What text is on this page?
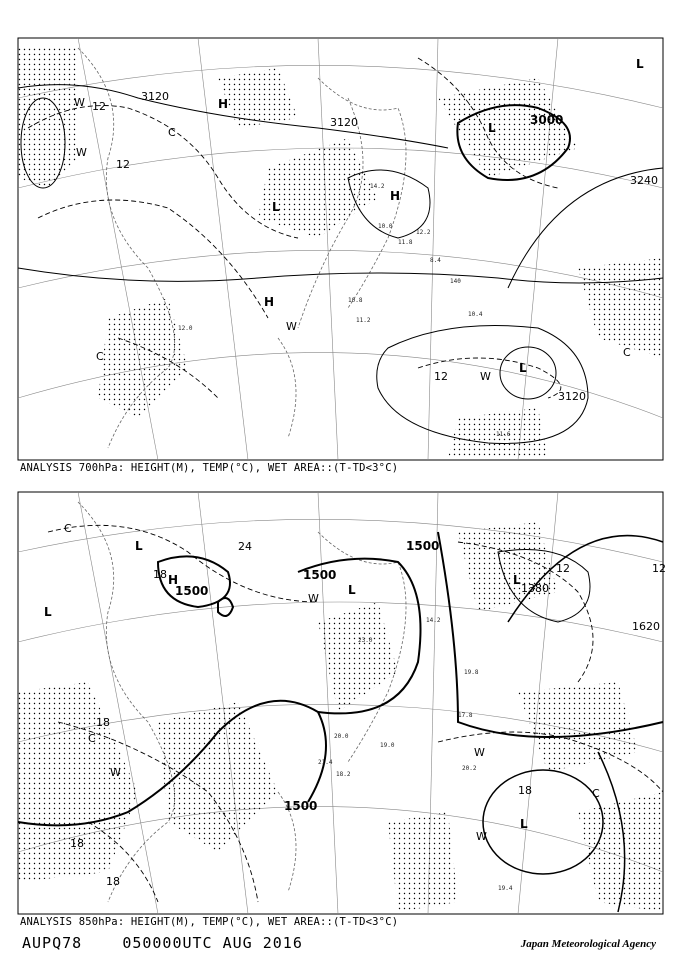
3120
3120	3000
3240
3120
12
12
12
C
C
W
W
W
W
C
H
H
H
L
L
L
L
140
14.2
11.8
12.0
11.6
10.4
8.4
12.2
10.0
10.8
11.2
ANALYSIS 700hPa: HEIGHT(M), TEMP(°C), WET AREA::(T-TD<3°C)
1500
1500
1500
1500
1620
1380
24
18
18
18
18
18
12	12
C
C
C
W
W
W
W
H
L
L
L
L
L
19.4
20.2
17.8
23.0
19.0
20.0
21.4
18.2
14.2
19.8
ANALYSIS 850hPa: HEIGHT(M), TEMP(°C), WET AREA::(T-TD<3°C)
AUPQ78	050000UTC AUG 2016	Japan Meteorological Agency
